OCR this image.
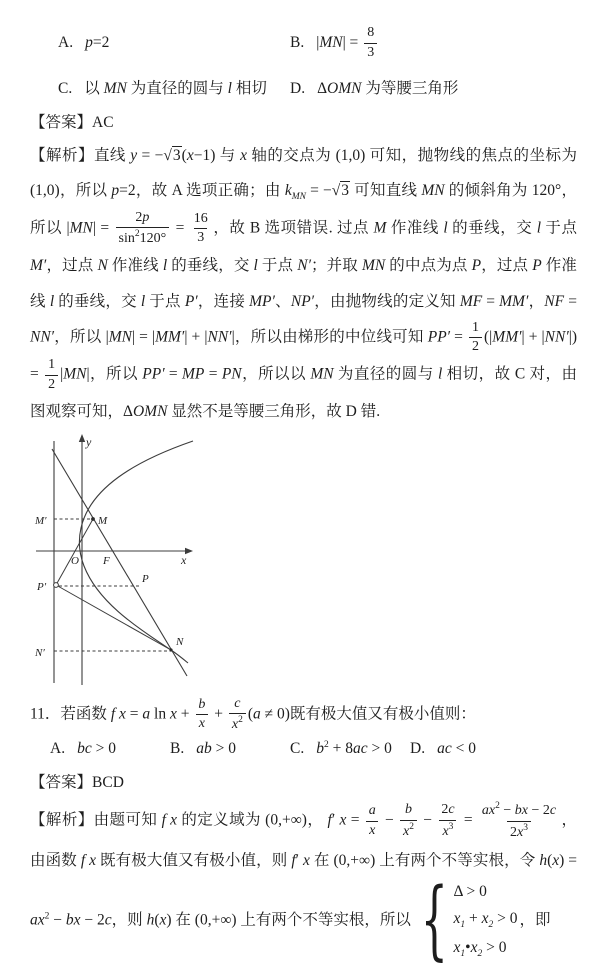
A. p=2	B. $|MN| = \frac{8}{3}$
C. 以 MN 为直径的圆与 l 相切	D. ΔOMN 为等腰三角形
【答案】AC
【解析】直线 y = −√3(x−1) 与 x 轴的交点为 (1,0) 可知，抛物线的焦点的坐标为 (1,0)，所以 p=2，故 A 选项正确；由 $k_{MN} = -√3$ 可知直线 MN 的倾斜角为 120°，所以 $|MN| = \frac{2p}{\sin^2120^\circ} = \frac{16}{3}$ ，故 B 选项错误. 过点 M 作准线 l 的垂线，交 l 于点 M′，过点 N 作准线 l 的垂线，交 l 于点 N′；并取 MN 的中点为点 P，过点 P 作准线 l 的垂线，交 l 于点 P′，连接 MP′、NP′，由抛物线的定义知 MF = MM′，NF = NN′，所以 |MN| = |MM′| + |NN′|，所以由梯形的中位线可知 $PP' = \frac{1}{2} (|MM'| + |NN'|) = \frac{1}{2} |MN|$，所以 PP′ = MP = PN，所以以 MN 为直径的圆与 l 相切，故 C 对，由图观察可知，ΔOMN 显然不是等腰三角形，故 D 错.
y
x
M′	M
O F
P′
P
N′
N
11．若函数 f x = a $\ln x + \frac{b}{x} + \frac{c}{x^2} (a \ne 0)$既有极大值又有极小值则：
A. bc > 0	B. ab > 0	C. $b^2 + 8ac > 0$	D. ac < 0
【答案】BCD
【解析】由题可知 f x 的定义域为 (0,+∞)， f′ $x = \frac{a}{x} - \frac{b}{x^2} - \frac{2c}{x^3} = \frac{ax^2 - bx - 2c}{2x^3}$ ，由函数 f x 既有极大值又有极小值，则 f′ x 在 (0,+∞) 上有两个不等实根，令 $h(x) = ax^2$ − bx − 2c，则 h(x) 在 (0,+∞) 上有两个不等实根，所以 { Δ > 0
$x_1 + x_2 > 0$
$x_1•x_2 > 0$
，即
